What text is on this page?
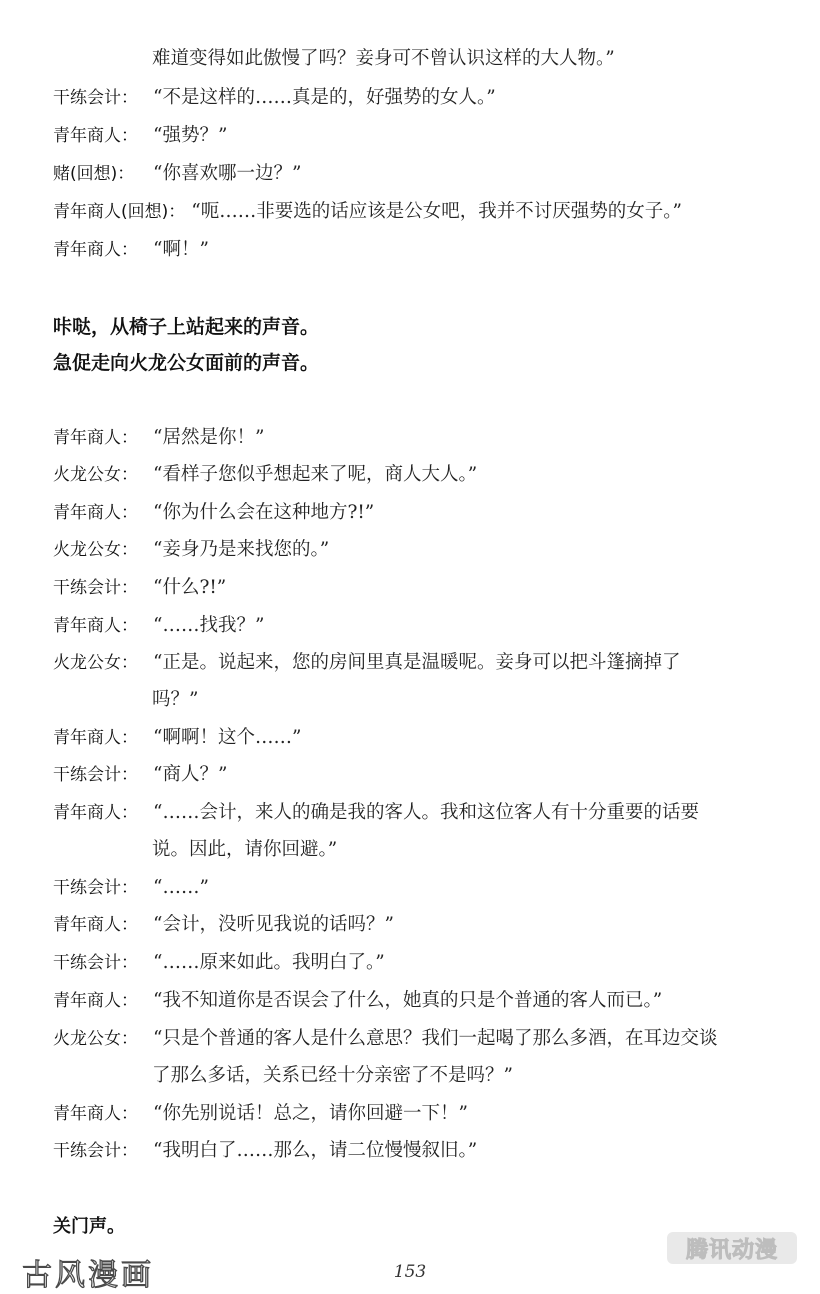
难道变得如此傲慢了吗？妾身可不曾认识这样的大人物。”
干练会计： “不是这样的……真是的，好强势的女人。”
青年商人： “强势？”
赌(回想)： “你喜欢哪一边？”
青年商人(回想)： “呃……非要选的话应该是公女吧，我并不讨厌强势的女子。”
青年商人： “啊！”
咔哒，从椅子上站起来的声音。
急促走向火龙公女面前的声音。
青年商人： “居然是你！”
火龙公女： “看样子您似乎想起来了呢，商人大人。”
青年商人： “你为什么会在这种地方?!”
火龙公女： “妾身乃是来找您的。”
干练会计： “什么?!”
青年商人： “……找我？”
火龙公女： “正是。说起来，您的房间里真是温暖呢。妾身可以把斗篷摘掉了
吗？”
青年商人： “啊啊！这个……”
干练会计： “商人？”
青年商人： “……会计，来人的确是我的客人。我和这位客人有十分重要的话要
说。因此，请你回避。”
干练会计： “……”
青年商人： “会计，没听见我说的话吗？”
干练会计： “……原来如此。我明白了。”
青年商人： “我不知道你是否误会了什么，她真的只是个普通的客人而已。”
火龙公女： “只是个普通的客人是什么意思？我们一起喝了那么多酒，在耳边交谈
了那么多话，关系已经十分亲密了不是吗？”
青年商人： “你先别说话！总之，请你回避一下！”
干练会计： “我明白了……那么，请二位慢慢叙旧。”
关门声。
153
古风漫画
腾讯动漫
